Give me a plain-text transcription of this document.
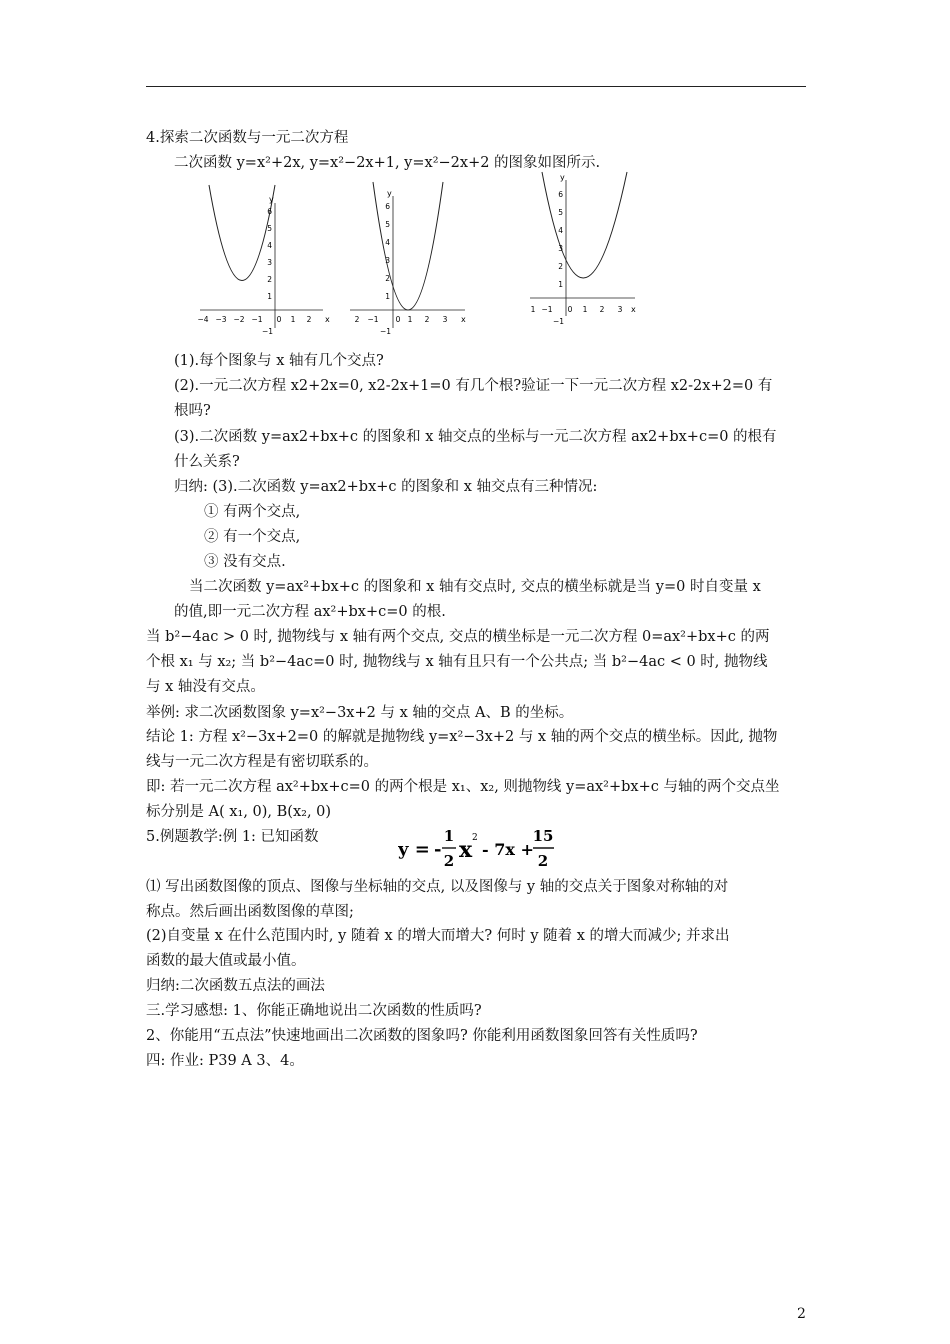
4.探索二次函数与一元二次方程
二次函数 y=x²+2x, y=x²−2x+1, y=x²−2x+2 的图象如图所示.
x
y
−4 −3 −2 −1 0 1 2
1
2
3
4
5
6
−1
x
y
2 −1 0 1 2 3
1
2
3
4
5
6
−1
x
y
1 −1 0 1 2 3
1
2
3
4
5
6
−1
(1).每个图象与 x 轴有几个交点?
(2).一元二次方程 x2+2x=0, x2-2x+1=0 有几个根?验证一下一元二次方程 x2-2x+2=0 有
根吗?
(3).二次函数 y=ax2+bx+c 的图象和 x 轴交点的坐标与一元二次方程 ax2+bx+c=0 的根有
什么关系?
归纳: (3).二次函数 y=ax2+bx+c 的图象和 x 轴交点有三种情况:
① 有两个交点,
② 有一个交点,
③ 没有交点.
当二次函数 y=ax²+bx+c 的图象和 x 轴有交点时, 交点的横坐标就是当 y=0 时自变量 x
的值,即一元二次方程 ax²+bx+c=0 的根.
当 b²−4ac > 0 时, 抛物线与 x 轴有两个交点, 交点的横坐标是一元二次方程 0=ax²+bx+c 的两
个根 x₁ 与 x₂; 当 b²−4ac=0 时, 抛物线与 x 轴有且只有一个公共点; 当 b²−4ac < 0 时, 抛物线
与 x 轴没有交点。
举例: 求二次函数图象 y=x²−3x+2 与 x 轴的交点 A、B 的坐标。
结论 1: 方程 x²−3x+2=0 的解就是抛物线 y=x²−3x+2 与 x 轴的两个交点的横坐标。因此, 抛物
线与一元二次方程是有密切联系的。
即: 若一元二次方程 ax²+bx+c=0 的两个根是 x₁、x₂, 则抛物线 y=ax²+bx+c 与轴的两个交点坐
标分别是 A( x₁, 0), B(x₂, 0)
5.例题教学:例 1: 已知函数
y = -
1
2 x 2
- 7x +
15
2
⑴ 写出函数图像的顶点、图像与坐标轴的交点, 以及图像与 y 轴的交点关于图象对称轴的对
称点。然后画出函数图像的草图;
(2)自变量 x 在什么范围内时, y 随着 x 的增大而增大? 何时 y 随着 x 的增大而减少; 并求出
函数的最大值或最小值。
归纳:二次函数五点法的画法
三.学习感想: 1、你能正确地说出二次函数的性质吗?
2、你能用“五点法”快速地画出二次函数的图象吗? 你能利用函数图象回答有关性质吗?
四: 作业: P39 A 3、4。
2
